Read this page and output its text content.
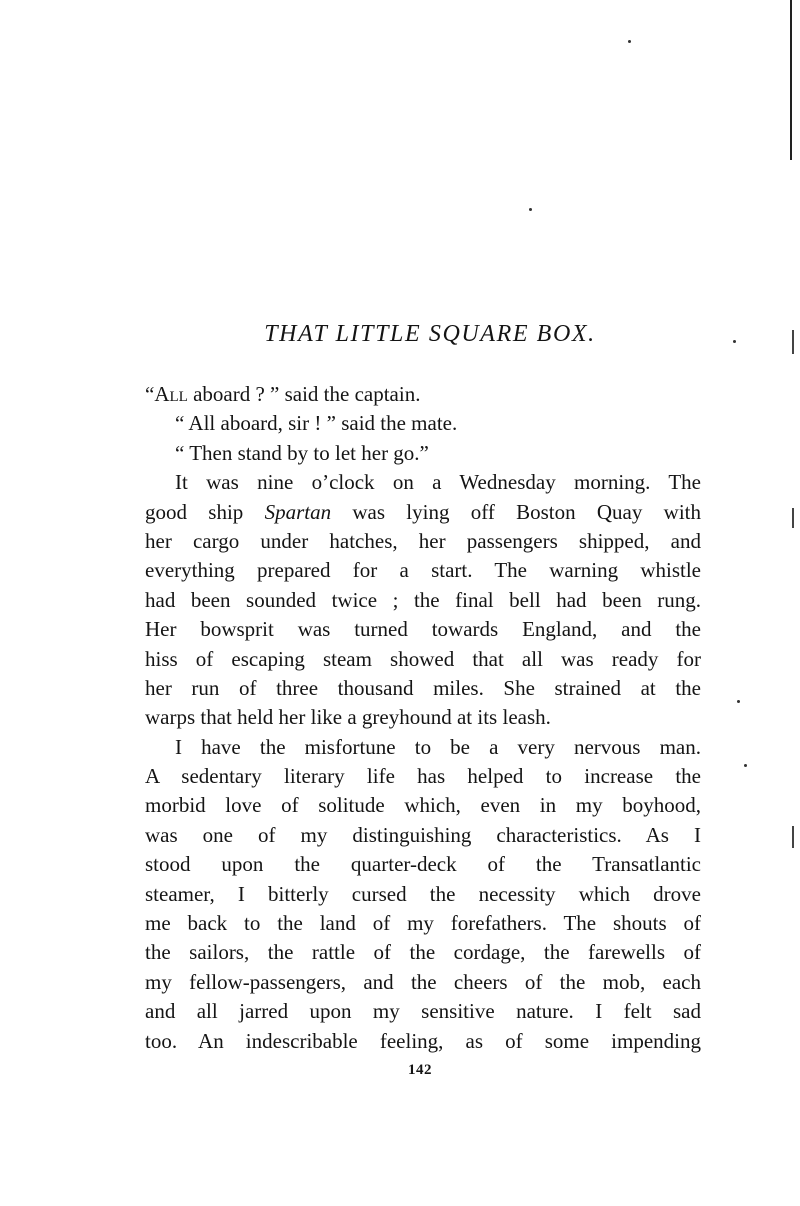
THAT LITTLE SQUARE BOX.
“All aboard ? ” said the captain.
“ All aboard, sir ! ” said the mate.
“ Then stand by to let her go.”
It was nine o’clock on a Wednesday morning. The
good ship Spartan was lying off Boston Quay with
her cargo under hatches, her passengers shipped, and
everything prepared for a start. The warning whistle
had been sounded twice ; the final bell had been rung.
Her bowsprit was turned towards England, and the
hiss of escaping steam showed that all was ready for
her run of three thousand miles. She strained at the
warps that held her like a greyhound at its leash.
I have the misfortune to be a very nervous man.
A sedentary literary life has helped to increase the
morbid love of solitude which, even in my boyhood,
was one of my distinguishing characteristics. As I
stood upon the quarter-deck of the Transatlantic
steamer, I bitterly cursed the necessity which drove
me back to the land of my forefathers. The shouts of
the sailors, the rattle of the cordage, the farewells of
my fellow-passengers, and the cheers of the mob, each
and all jarred upon my sensitive nature. I felt sad
too. An indescribable feeling, as of some impending
142
